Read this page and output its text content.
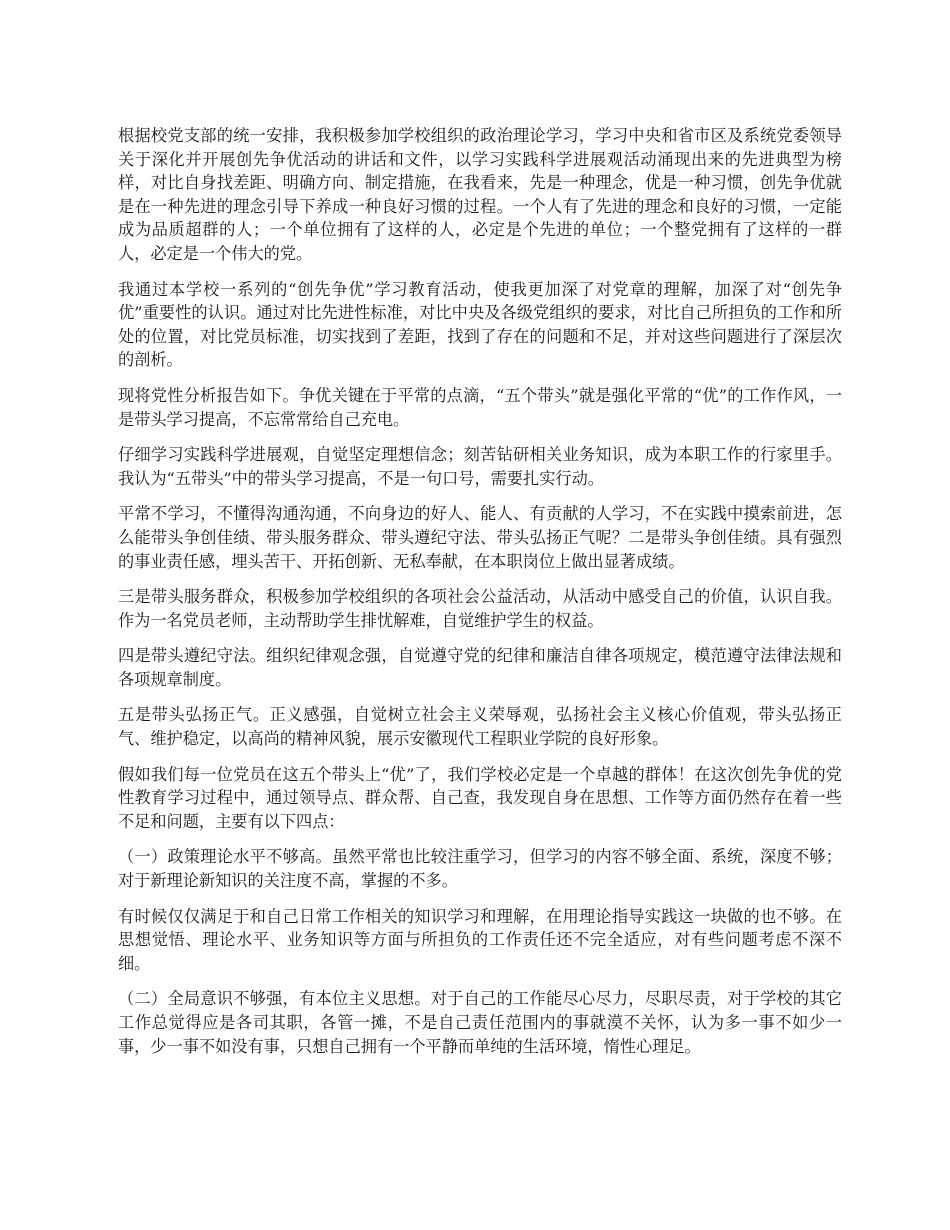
根据校党支部的统一安排，我积极参加学校组织的政治理论学习，学习中央和省市区及系统党委领导关于深化并开展创先争优活动的讲话和文件，以学习实践科学进展观活动涌现出来的先进典型为榜样，对比自身找差距、明确方向、制定措施，在我看来，先是一种理念，优是一种习惯，创先争优就是在一种先进的理念引导下养成一种良好习惯的过程。一个人有了先进的理念和良好的习惯，一定能成为品质超群的人；一个单位拥有了这样的人，必定是个先进的单位；一个整党拥有了这样的一群人，必定是一个伟大的党。

我通过本学校一系列的“创先争优”学习教育活动，使我更加深了对党章的理解，加深了对“创先争优”重要性的认识。通过对比先进性标准，对比中央及各级党组织的要求，对比自己所担负的工作和所处的位置，对比党员标准，切实找到了差距，找到了存在的问题和不足，并对这些问题进行了深层次的剖析。

现将党性分析报告如下。争优关键在于平常的点滴，“五个带头”就是强化平常的“优”的工作作风，一是带头学习提高，不忘常常给自己充电。

仔细学习实践科学进展观，自觉坚定理想信念；刻苦钻研相关业务知识，成为本职工作的行家里手。我认为“五带头”中的带头学习提高，不是一句口号，需要扎实行动。

平常不学习，不懂得沟通沟通，不向身边的好人、能人、有贡献的人学习，不在实践中摸索前进，怎么能带头争创佳绩、带头服务群众、带头遵纪守法、带头弘扬正气呢？二是带头争创佳绩。具有强烈的事业责任感，埋头苦干、开拓创新、无私奉献，在本职岗位上做出显著成绩。

三是带头服务群众，积极参加学校组织的各项社会公益活动，从活动中感受自己的价值，认识自我。作为一名党员老师，主动帮助学生排忧解难，自觉维护学生的权益。

四是带头遵纪守法。组织纪律观念强，自觉遵守党的纪律和廉洁自律各项规定，模范遵守法律法规和各项规章制度。

五是带头弘扬正气。正义感强，自觉树立社会主义荣辱观，弘扬社会主义核心价值观，带头弘扬正气、维护稳定，以高尚的精神风貌，展示安徽现代工程职业学院的良好形象。

假如我们每一位党员在这五个带头上“优”了，我们学校必定是一个卓越的群体！在这次创先争优的党性教育学习过程中，通过领导点、群众帮、自己查，我发现自身在思想、工作等方面仍然存在着一些不足和问题，主要有以下四点：

（一）政策理论水平不够高。虽然平常也比较注重学习，但学习的内容不够全面、系统，深度不够；对于新理论新知识的关注度不高，掌握的不多。

有时候仅仅满足于和自己日常工作相关的知识学习和理解，在用理论指导实践这一块做的也不够。在思想觉悟、理论水平、业务知识等方面与所担负的工作责任还不完全适应，对有些问题考虑不深不细。

（二）全局意识不够强，有本位主义思想。对于自己的工作能尽心尽力，尽职尽责，对于学校的其它工作总觉得应是各司其职，各管一摊，不是自己责任范围内的事就漠不关怀，认为多一事不如少一事，少一事不如没有事，只想自己拥有一个平静而单纯的生活环境，惰性心理足。
